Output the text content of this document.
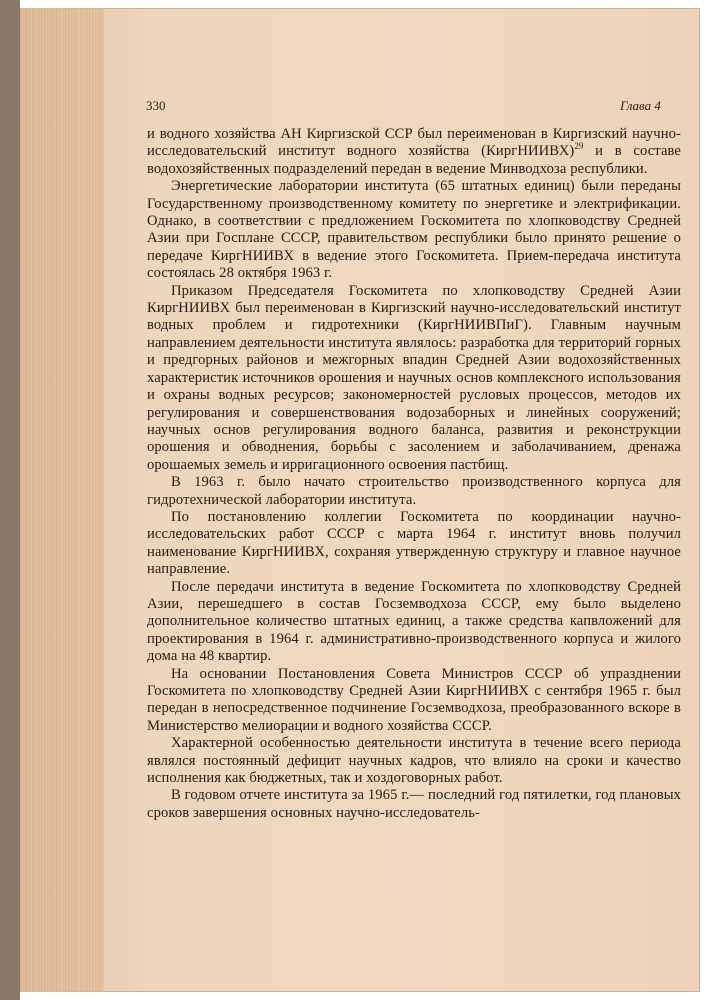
330	Глава 4

и водного хозяйства АН Киргизской ССР был переименован в Киргизский научно-исследовательский институт водного хозяйства (КиргНИИВХ)$^{29}$ и в составе водохозяйственных подразделений передан в ведение Минводхоза республики.

Энергетические лаборатории института (65 штатных единиц) были переданы Государственному производственному комитету по энергетике и электрификации. Однако, в соответствии с предложением Госкомитета по хлопководству Средней Азии при Госплане СССР, правительством республики было принято решение о передаче КиргНИИВХ в ведение этого Госкомитета. Прием-передача института состоялась 28 октября 1963 г.

Приказом Председателя Госкомитета по хлопководству Средней Азии КиргНИИВХ был переименован в Киргизский научно-исследовательский институт водных проблем и гидротехники (КиргНИИВПиГ). Главным научным направлением деятельности института являлось: разработка для территорий горных и предгорных районов и межгорных впадин Средней Азии водохозяйственных характеристик источников орошения и научных основ комплексного использования и охраны водных ресурсов; закономерностей русловых процессов, методов их регулирования и совершенствования водозаборных и линейных сооружений; научных основ регулирования водного баланса, развития и реконструкции орошения и обводнения, борьбы с засолением и заболачиванием, дренажа орошаемых земель и ирригационного освоения пастбищ.

В 1963 г. было начато строительство производственного корпуса для гидротехнической лаборатории института.

По постановлению коллегии Госкомитета по координации научно-исследовательских работ СССР с марта 1964 г. институт вновь получил наименование КиргНИИВХ, сохраняя утвержденную структуру и главное научное направление.

После передачи института в ведение Госкомитета по хлопководству Средней Азии, перешедшего в состав Госземводхоза СССР, ему было выделено дополнительное количество штатных единиц, а также средства капвложений для проектирования в 1964 г. административно-производственного корпуса и жилого дома на 48 квартир.

На основании Постановления Совета Министров СССР об упразднении Госкомитета по хлопководству Средней Азии КиргНИИВХ с сентября 1965 г. был передан в непосредственное подчинение Госземводхоза, преобразованного вскоре в Министерство мелиорации и водного хозяйства СССР.

Характерной особенностью деятельности института в течение всего периода являлся постоянный дефицит научных кадров, что влияло на сроки и качество исполнения как бюджетных, так и хоздоговорных работ.

В годовом отчете института за 1965 г.— последний год пятилетки, год плановых сроков завершения основных научно-исследователь-
